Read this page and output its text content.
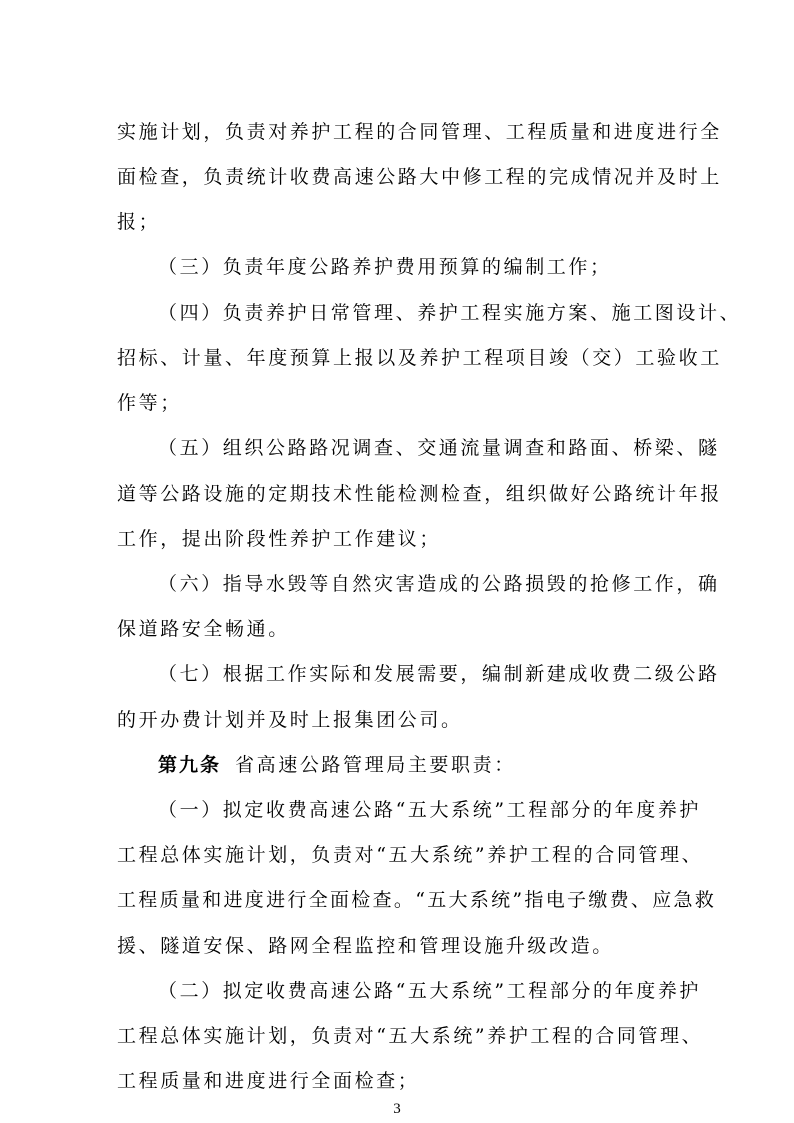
实施计划，负责对养护工程的合同管理、工程质量和进度进行全
面检查，负责统计收费高速公路大中修工程的完成情况并及时上
报；
（三）负责年度公路养护费用预算的编制工作；
（四）负责养护日常管理、养护工程实施方案、施工图设计、
招标、计量、年度预算上报以及养护工程项目竣（交）工验收工
作等；
（五）组织公路路况调查、交通流量调查和路面、桥梁、隧
道等公路设施的定期技术性能检测检查，组织做好公路统计年报
工作，提出阶段性养护工作建议；
（六）指导水毁等自然灾害造成的公路损毁的抢修工作，确
保道路安全畅通。
（七）根据工作实际和发展需要，编制新建成收费二级公路
的开办费计划并及时上报集团公司。
第九条 省高速公路管理局主要职责：
（一）拟定收费高速公路“五大系统”工程部分的年度养护
工程总体实施计划，负责对“五大系统”养护工程的合同管理、
工程质量和进度进行全面检查。“五大系统”指电子缴费、应急救
援、隧道安保、路网全程监控和管理设施升级改造。
（二）拟定收费高速公路“五大系统”工程部分的年度养护
工程总体实施计划，负责对“五大系统”养护工程的合同管理、
工程质量和进度进行全面检查；
3
